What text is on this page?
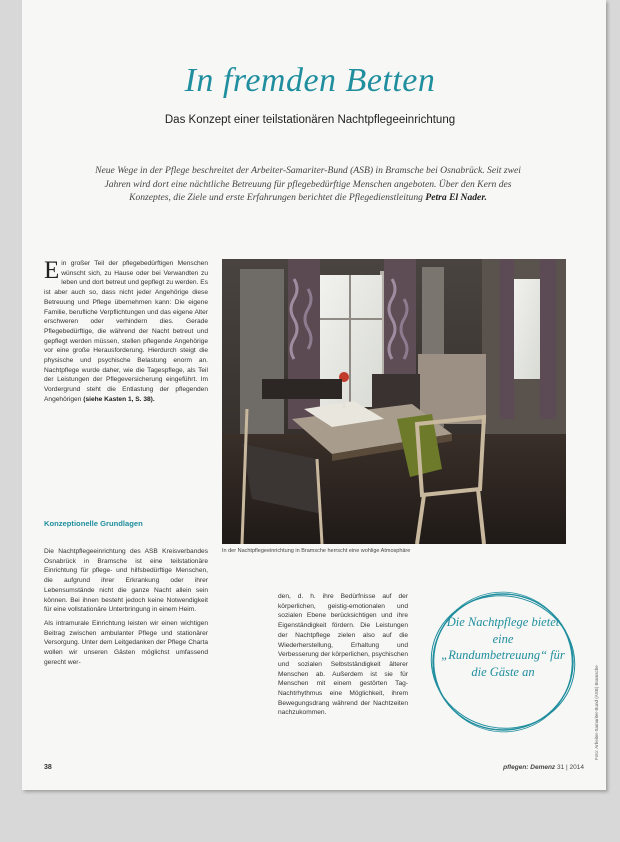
In fremden Betten
Das Konzept einer teilstationären Nachtpflegeeinrichtung
Neue Wege in der Pflege beschreitet der Arbeiter-Samariter-Bund (ASB) in Bramsche bei Osnabrück. Seit zwei Jahren wird dort eine nächtliche Betreuung für pflegebedürftige Menschen angeboten. Über den Kern des Konzeptes, die Ziele und erste Erfahrungen berichtet die Pflegedienstleitung Petra El Nader.
Ein großer Teil der pflegebedürftigen Menschen wünscht sich, zu Hause oder bei Verwandten zu leben und dort betreut und gepflegt zu werden. Es ist aber auch so, dass nicht jeder Angehörige diese Betreuung und Pflege übernehmen kann: Die eigene Familie, berufliche Verpflichtungen und das eigene Alter erschweren oder verhindern dies. Gerade Pflegebedürftige, die während der Nacht betreut und gepflegt werden müssen, stellen pflegende Angehörige vor eine große Herausforderung. Hierdurch steigt die physische und psychische Belastung enorm an. Nachtpflege wurde daher, wie die Tagespflege, als Teil der Leistungen der Pflegeversicherung eingeführt. Im Vordergrund steht die Entlastung der pflegenden Angehörigen (siehe Kasten 1, S. 38).
Konzeptionelle Grundlagen

Die Nachtpflegeeinrichtung des ASB Kreisverbandes Osnabrück in Bramsche ist eine teilstationäre Einrichtung für pflege- und hilfsbedürftige Menschen, die aufgrund ihrer Erkrankung oder ihrer Lebensumstände nicht die ganze Nacht allein sein können. Bei ihnen besteht jedoch keine Notwendigkeit für eine vollstationäre Unterbringung in einem Heim.

Als intramurale Einrichtung leisten wir einen wichtigen Beitrag zwischen ambulanter Pflege und stationärer Versorgung. Unter dem Leitgedanken der Pflege Charta wollen wir unseren Gästen möglichst umfassend gerecht wer-

In der Nachtpflegeeinrichtung in Bramsche herrscht eine wohlige Atmosphäre
den, d. h. ihre Bedürfnisse auf der körperlichen, geistig-emotionalen und sozialen Ebene berücksichtigen und ihre Eigenständigkeit fördern. Die Leistungen der Nachtpflege zielen also auf die Wiederherstellung, Erhaltung und Verbesserung der körperlichen, psychischen und sozialen Selbstständigkeit älterer Menschen ab. Außerdem ist sie für Menschen mit einem gestörten Tag-Nachtrhythmus eine Möglichkeit, ihrem Bewegungsdrang während der Nachtzeiten nachzukommen.
Die Nachtpflege bietet eine „Rundumbetreuung“ für die Gäste an	Foto: Arbeiter-Samariter-Bund (ASB) Bramsche
38	pflegen: Demenz 31 | 2014
